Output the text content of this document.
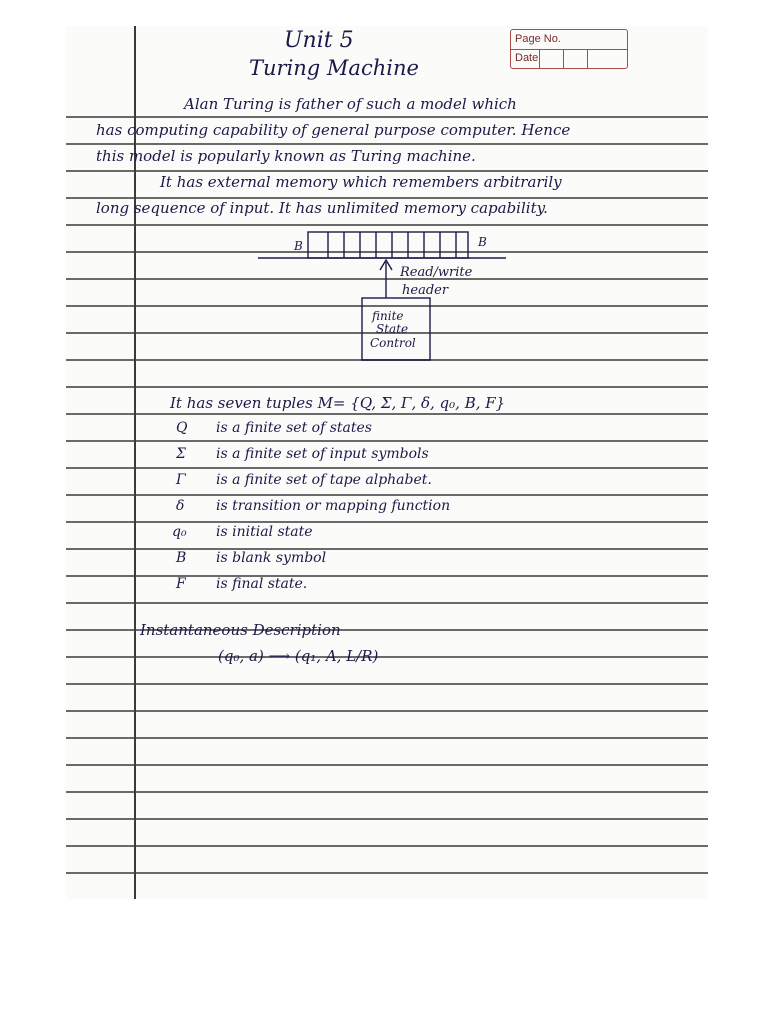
Unit 5
Turing Machine
Page No.
Date
Alan Turing is father of such a model which
has computing capability of general purpose computer. Hence
this model is popularly known as Turing machine.
It has external memory which remembers arbitrarily
long sequence of input. It has unlimited memory capability.
B	B
Read/write
header
finite
State
Control
It has seven tuples M= {Q, Σ, Γ, δ, q₀, B, F}
Q is a finite set of states
Σ is a finite set of input symbols
Γ is a finite set of tape alphabet.
δ is transition or mapping function
q₀ is initial state
B is blank symbol
F is final state.
Instantaneous Description
(q₀, a) ⟶ (q₁, A, L/R)
